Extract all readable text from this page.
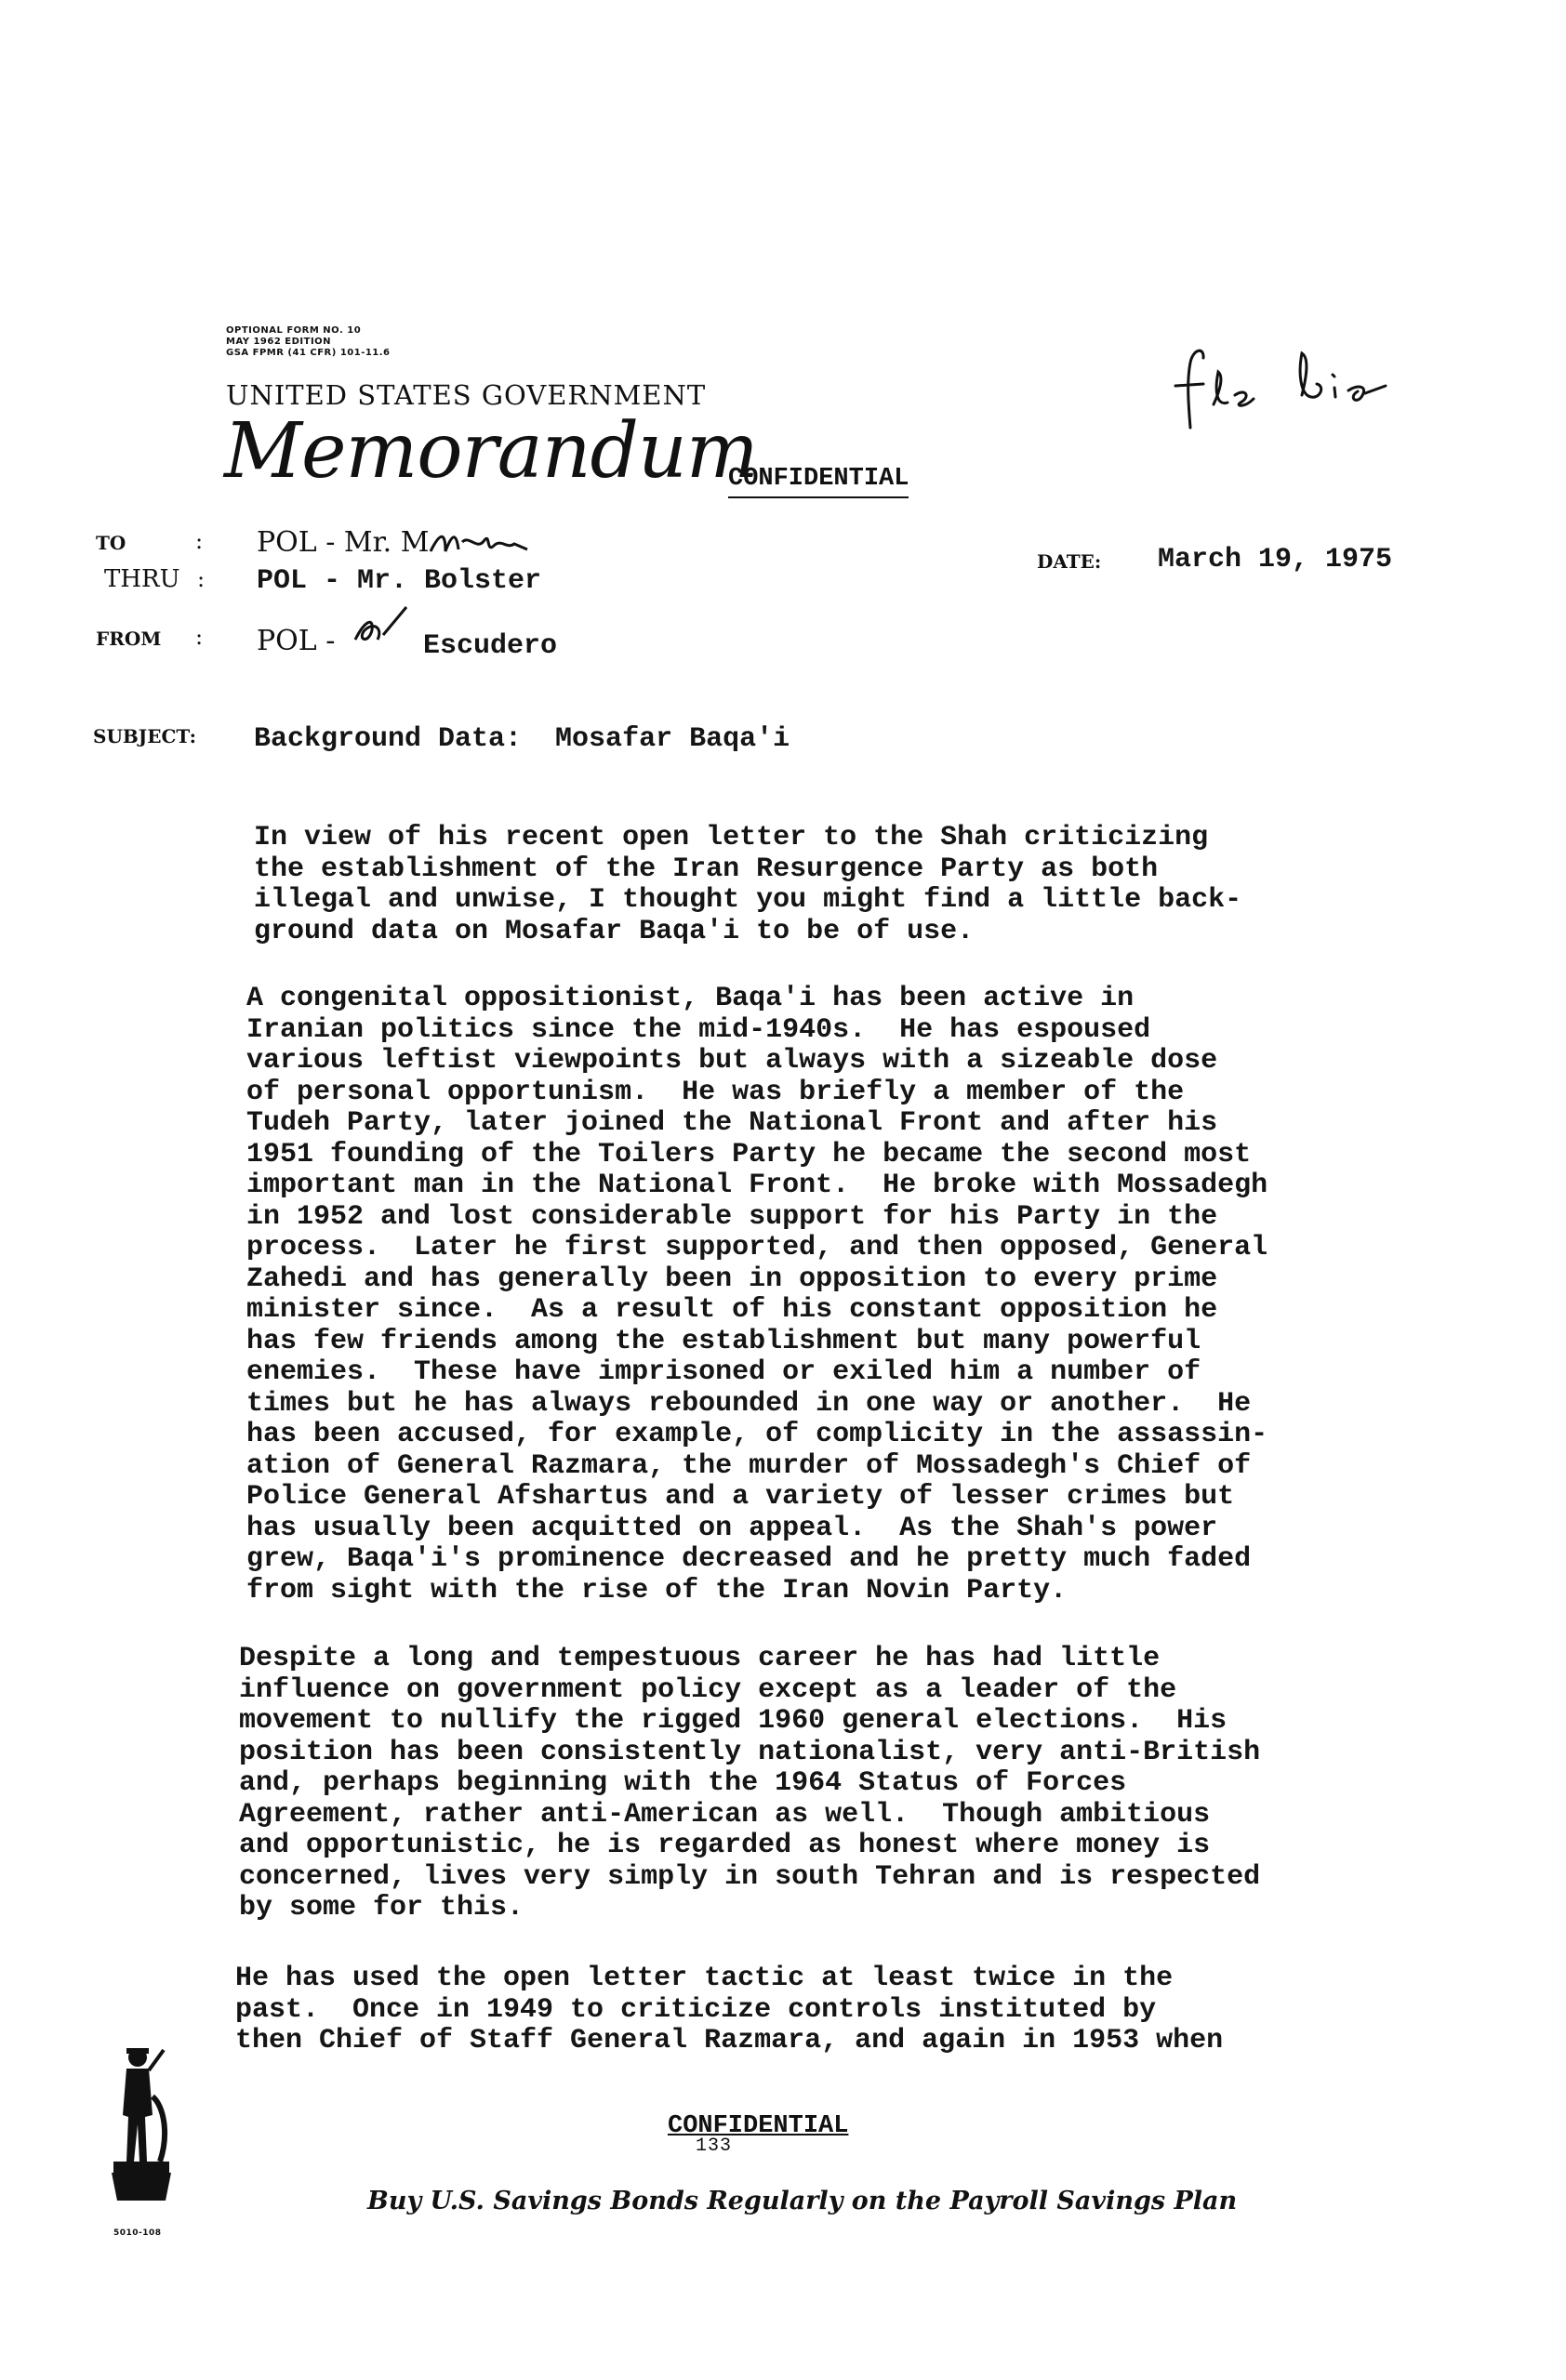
OPTIONAL FORM NO. 10
MAY 1962 EDITION
GSA FPMR (41 CFR) 101-11.6
UNITED STATES GOVERNMENT
Memorandum
CONFIDENTIAL
TO	: POL - Mr. M
THRU : POL - Mr. Bolster
FROM : POL -	Escudero
DATE: March 19, 1975
SUBJECT: Background Data:  Mosafar Baqa'i
In view of his recent open letter to the Shah criticizing
the establishment of the Iran Resurgence Party as both
illegal and unwise, I thought you might find a little back-
ground data on Mosafar Baqa'i to be of use.
A congenital oppositionist, Baqa'i has been active in
Iranian politics since the mid-1940s.  He has espoused
various leftist viewpoints but always with a sizeable dose
of personal opportunism.  He was briefly a member of the
Tudeh Party, later joined the National Front and after his
1951 founding of the Toilers Party he became the second most
important man in the National Front.  He broke with Mossadegh
in 1952 and lost considerable support for his Party in the
process.  Later he first supported, and then opposed, General
Zahedi and has generally been in opposition to every prime
minister since.  As a result of his constant opposition he
has few friends among the establishment but many powerful
enemies.  These have imprisoned or exiled him a number of
times but he has always rebounded in one way or another.  He
has been accused, for example, of complicity in the assassin-
ation of General Razmara, the murder of Mossadegh's Chief of
Police General Afshartus and a variety of lesser crimes but
has usually been acquitted on appeal.  As the Shah's power
grew, Baqa'i's prominence decreased and he pretty much faded
from sight with the rise of the Iran Novin Party.
Despite a long and tempestuous career he has had little
influence on government policy except as a leader of the
movement to nullify the rigged 1960 general elections.  His
position has been consistently nationalist, very anti-British
and, perhaps beginning with the 1964 Status of Forces
Agreement, rather anti-American as well.  Though ambitious
and opportunistic, he is regarded as honest where money is
concerned, lives very simply in south Tehran and is respected
by some for this.
He has used the open letter tactic at least twice in the
past.  Once in 1949 to criticize controls instituted by
then Chief of Staff General Razmara, and again in 1953 when
5010-108
CONFIDENTIAL
133
Buy U.S. Savings Bonds Regularly on the Payroll Savings Plan
